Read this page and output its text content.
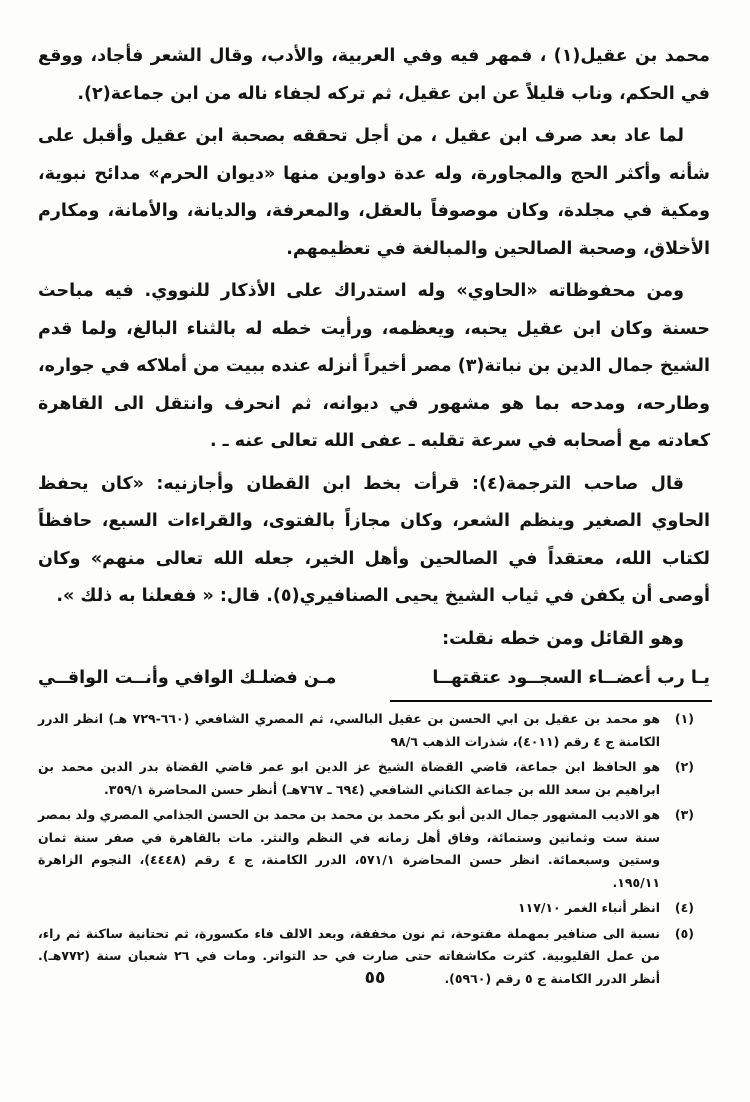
محمد بن عقيل(١) ، فمهر فيه وفي العربية، والأدب، وقال الشعر فأجاد، ووقع في الحكم، وناب قليلاً عن ابن عقيل، ثم تركه لجفاء ناله من ابن جماعة(٢).

لما عاد بعد صرف ابن عقيل ، من أجل تحققه بصحبة ابن عقيل وأقبل على شأنه وأكثر الحج والمجاورة، وله عدة دواوين منها «ديوان الحرم» مدائح نبوية، ومكية في مجلدة، وكان موصوفاً بالعقل، والمعرفة، والديانة، والأمانة، ومكارم الأخلاق، وصحبة الصالحين والمبالغة في تعظيمهم.

ومن محفوظاته «الحاوي» وله استدراك على الأذكار للنووي. فيه مباحث حسنة وكان ابن عقيل يحبه، ويعظمه، ورأيت خطه له بالثناء البالغ، ولما قدم الشيخ جمال الدين بن نباتة(٣) مصر أخيراً أنزله عنده ببيت من أملاكه في جواره، وطارحه، ومدحه بما هو مشهور في ديوانه، ثم انحرف وانتقل الى القاهرة كعادته مع أصحابه في سرعة تقلبه ـ عفى الله تعالى عنه ـ .

قال صاحب الترجمة(٤): قرأت بخط ابن القطان وأجازنيه: «كان يحفظ الحاوي الصغير وينظم الشعر، وكان مجازاً بالفتوى، والقراءات السبع، حافظاً لكتاب الله، معتقداً في الصالحين وأهل الخير، جعله الله تعالى منهم» وكان أوصى أن يكفن في ثياب الشيخ يحيى الصنافيري(٥). قال: « ففعلنا به ذلك ».

وهو القائل ومن خطه نقلت:

يـا رب أعضــاء السجــود عتقتهــا
مـن فضلـك الوافي وأنــت الواقــي
(١)
هو محمد بن عقيل بن ابي الحسن بن عقيل البالسي، ثم المصري الشافعي (٦٦٠-٧٢٩ هـ) انظر الدرر الكامنة ج ٤ رقم (٤٠١١)، شذرات الذهب ٩٨/٦
(٢)
هو الحافظ ابن جماعة، قاضي القضاة الشيخ عز الدين ابو عمر قاضي القضاة بدر الدين محمد بن ابراهيم بن سعد الله بن جماعة الكناني الشافعي (٦٩٤ ـ ٧٦٧هـ) أنظر حسن المحاضرة ٣٥٩/١.
(٣)
هو الاديب المشهور جمال الدين أبو بكر محمد بن محمد بن محمد بن الحسن الجذامي المصري ولد بمصر سنة ست وثمانين وستمائة، وفاق أهل زمانه في النظم والنثر. مات بالقاهرة في صفر سنة ثمان وستين وسبعمائة. انظر حسن المحاضرة ٥٧١/١، الدرر الكامنة، ج ٤ رقم (٤٤٤٨)، النجوم الزاهرة ١٩٥/١١.
(٤)
انظر أنباء الغمر ١١٧/١٠
(٥)
نسبة الى صنافير بمهملة مفتوحة، ثم نون مخففة، وبعد الالف فاء مكسورة، ثم تحتانية ساكنة ثم راء، من عمل القليوبية. كثرت مكاشفاته حتى صارت في حد التواتر. ومات في ٢٦ شعبان سنة (٧٧٢هـ). أنظر الدرر الكامنة ج ٥ رقم (٥٩٦٠).
٥٥
